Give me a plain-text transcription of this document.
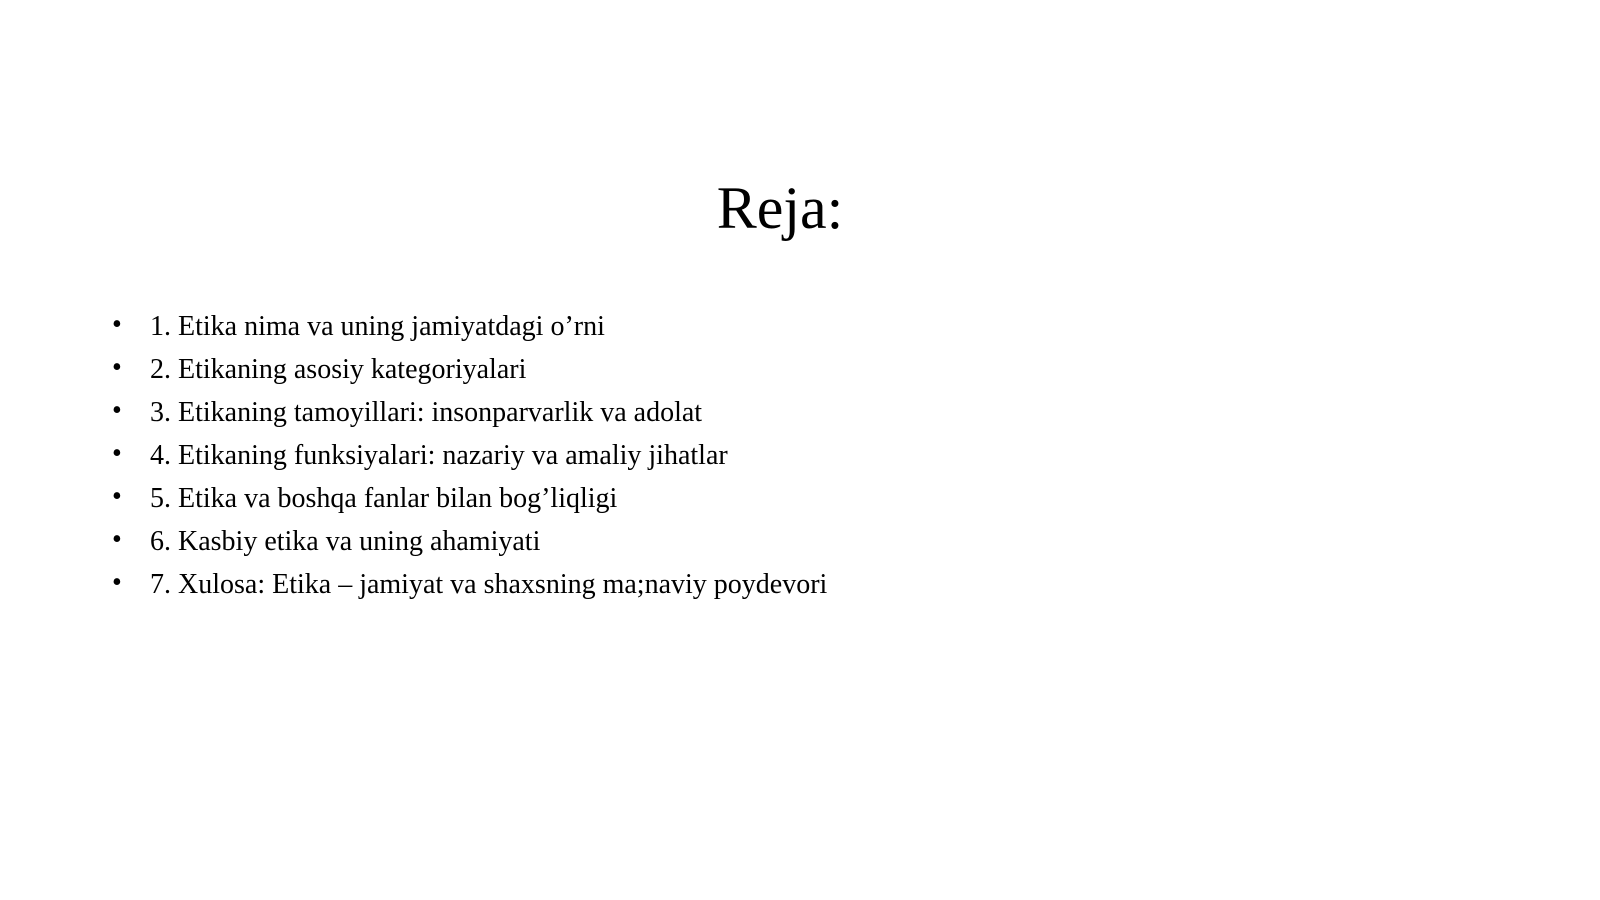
Reja:
• 1. Etika nima va uning jamiyatdagi o’rni
• 2. Etikaning asosiy kategoriyalari
• 3. Etikaning tamoyillari: insonparvarlik va adolat
• 4. Etikaning funksiyalari: nazariy va amaliy jihatlar
• 5. Etika va boshqa fanlar bilan bog’liqligi
• 6. Kasbiy etika va uning ahamiyati
• 7. Xulosa: Etika – jamiyat va shaxsning ma;naviy poydevori
